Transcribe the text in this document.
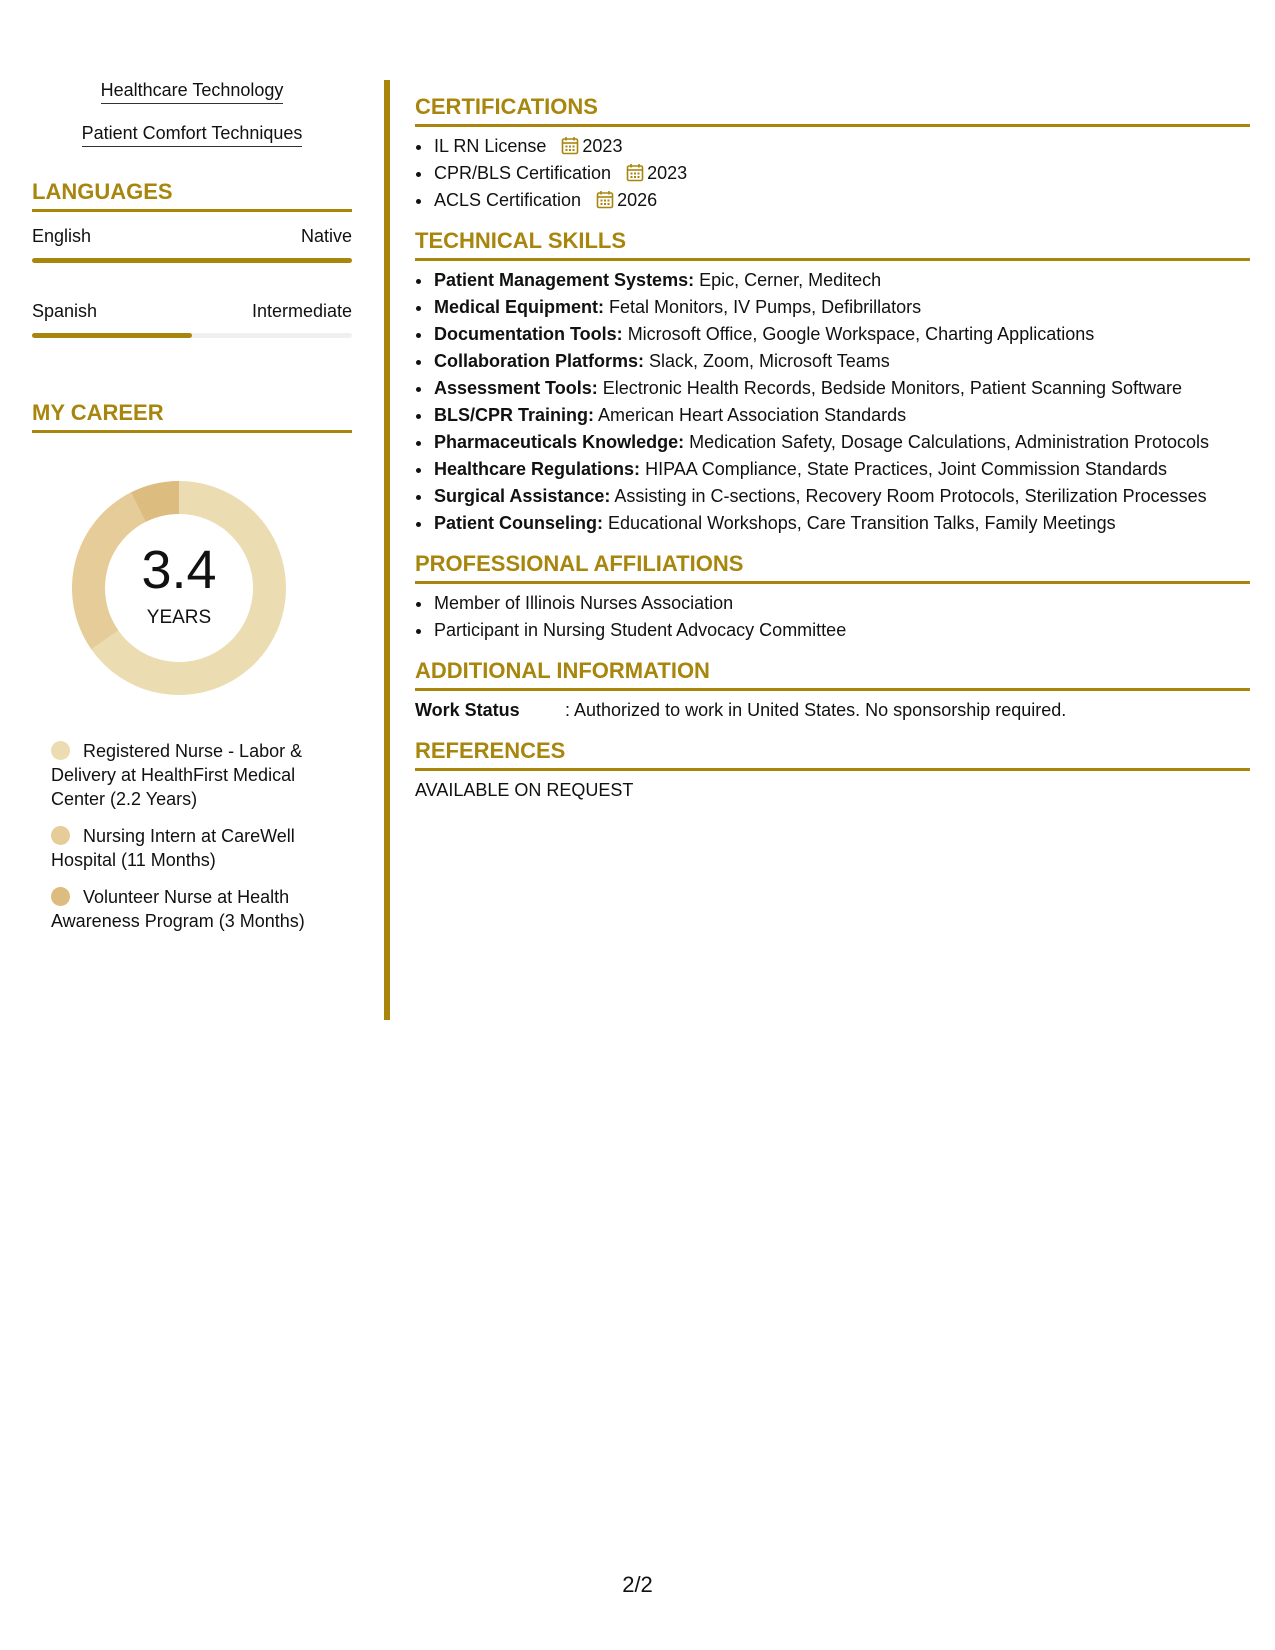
Healthcare Technology
Patient Comfort Techniques
LANGUAGES
English	Native
Spanish	Intermediate
MY CAREER
3.4
YEARS
Registered Nurse - Labor & Delivery at HealthFirst Medical Center (2.2 Years)
Nursing Intern at CareWell Hospital (11 Months)
Volunteer Nurse at Health Awareness Program (3 Months)
CERTIFICATIONS
• IL RN License 2023
• CPR/BLS Certification 2023
• ACLS Certification 2026
TECHNICAL SKILLS
• Patient Management Systems: Epic, Cerner, Meditech
• Medical Equipment: Fetal Monitors, IV Pumps, Defibrillators
• Documentation Tools: Microsoft Office, Google Workspace, Charting Applications
• Collaboration Platforms: Slack, Zoom, Microsoft Teams
• Assessment Tools: Electronic Health Records, Bedside Monitors, Patient Scanning Software
• BLS/CPR Training: American Heart Association Standards
• Pharmaceuticals Knowledge: Medication Safety, Dosage Calculations, Administration Protocols
• Healthcare Regulations: HIPAA Compliance, State Practices, Joint Commission Standards
• Surgical Assistance: Assisting in C-sections, Recovery Room Protocols, Sterilization Processes
• Patient Counseling: Educational Workshops, Care Transition Talks, Family Meetings
PROFESSIONAL AFFILIATIONS
• Member of Illinois Nurses Association
• Participant in Nursing Student Advocacy Committee
ADDITIONAL INFORMATION
Work Status	: Authorized to work in United States. No sponsorship required.
REFERENCES
AVAILABLE ON REQUEST
2/2
